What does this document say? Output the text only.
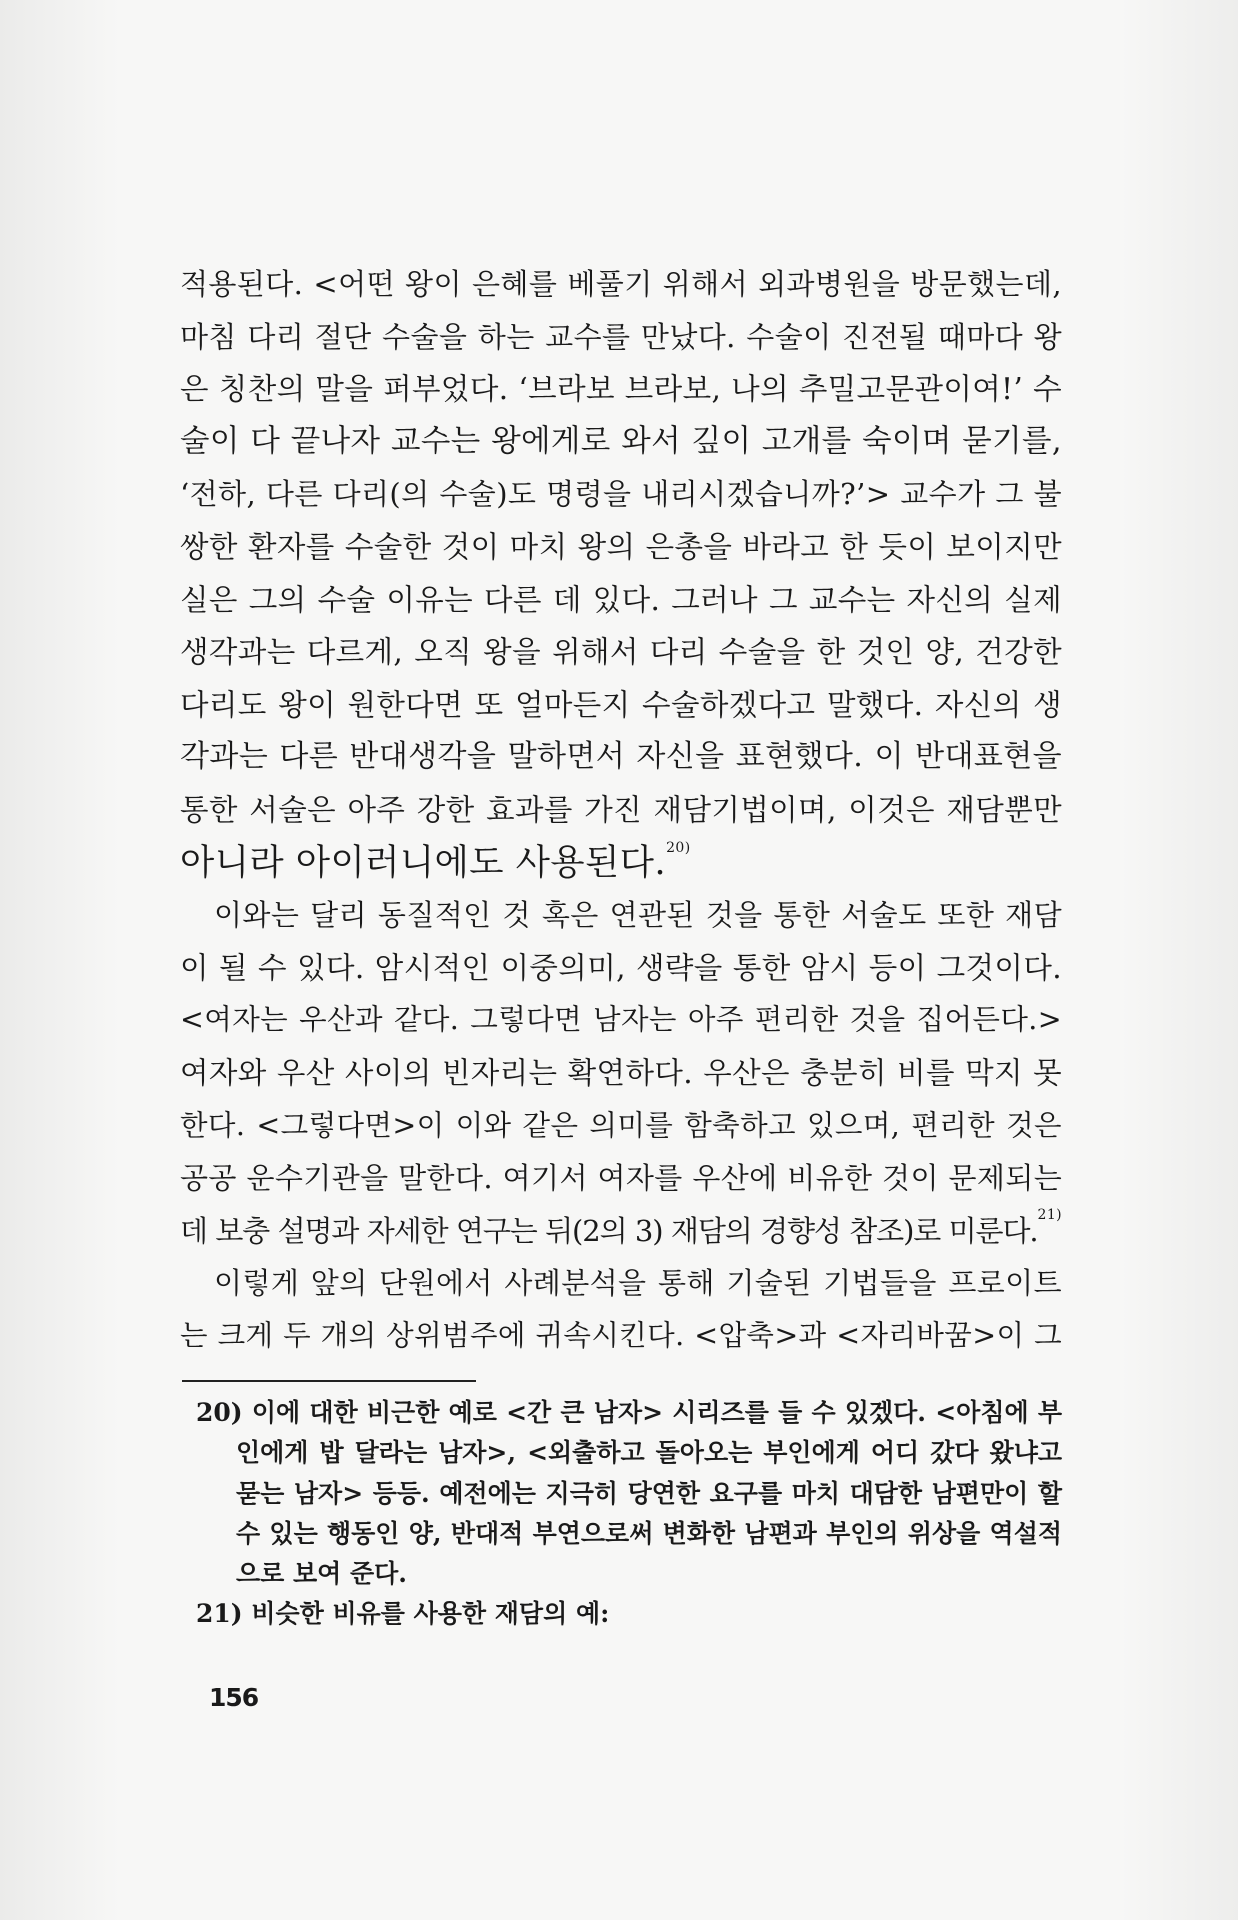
적용된다. <어떤 왕이 은혜를 베풀기 위해서 외과병원을 방문했는데,
마침 다리 절단 수술을 하는 교수를 만났다. 수술이 진전될 때마다 왕
은 칭찬의 말을 퍼부었다. ‘브라보 브라보, 나의 추밀고문관이여!’ 수
술이 다 끝나자 교수는 왕에게로 와서 깊이 고개를 숙이며 묻기를,
‘전하, 다른 다리(의 수술)도 명령을 내리시겠습니까?’> 교수가 그 불
쌍한 환자를 수술한 것이 마치 왕의 은총을 바라고 한 듯이 보이지만
실은 그의 수술 이유는 다른 데 있다. 그러나 그 교수는 자신의 실제
생각과는 다르게, 오직 왕을 위해서 다리 수술을 한 것인 양, 건강한
다리도 왕이 원한다면 또 얼마든지 수술하겠다고 말했다. 자신의 생
각과는 다른 반대생각을 말하면서 자신을 표현했다. 이 반대표현을
통한 서술은 아주 강한 효과를 가진 재담기법이며, 이것은 재담뿐만
아니라 아이러니에도 사용된다.$^{20)}$
이와는 달리 동질적인 것 혹은 연관된 것을 통한 서술도 또한 재담
이 될 수 있다. 암시적인 이중의미, 생략을 통한 암시 등이 그것이다.
<여자는 우산과 같다. 그렇다면 남자는 아주 편리한 것을 집어든다.>
여자와 우산 사이의 빈자리는 확연하다. 우산은 충분히 비를 막지 못
한다. <그렇다면>이 이와 같은 의미를 함축하고 있으며, 편리한 것은
공공 운수기관을 말한다. 여기서 여자를 우산에 비유한 것이 문제되는
데 보충 설명과 자세한 연구는 뒤(2의 3) 재담의 경향성 참조)로 미룬다.$^{21)}$
이렇게 앞의 단원에서 사례분석을 통해 기술된 기법들을 프로이트
는 크게 두 개의 상위범주에 귀속시킨다. <압축>과 <자리바꿈>이 그
20) 이에 대한 비근한 예로 <간 큰 남자> 시리즈를 들 수 있겠다. <아침에 부
인에게 밥 달라는 남자>, <외출하고 돌아오는 부인에게 어디 갔다 왔냐고
묻는 남자> 등등. 예전에는 지극히 당연한 요구를 마치 대담한 남편만이 할
수 있는 행동인 양, 반대적 부연으로써 변화한 남편과 부인의 위상을 역설적
으로 보여 준다.
21) 비슷한 비유를 사용한 재담의 예:
156
